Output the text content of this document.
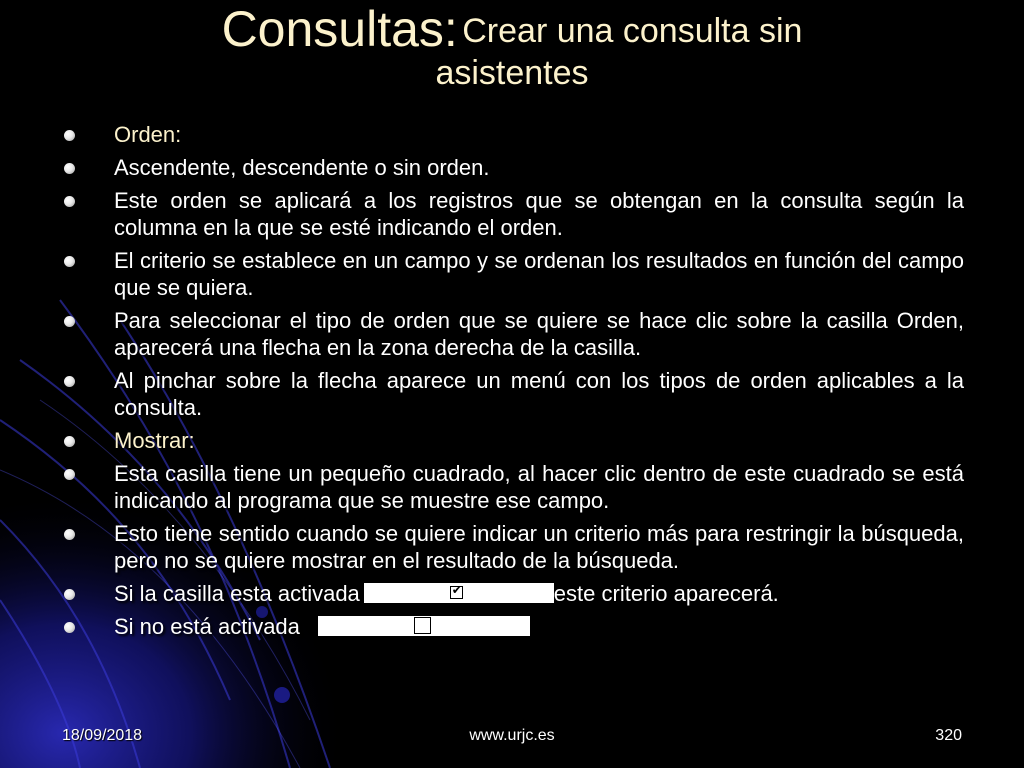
Consultas: Crear una consulta sin
asistentes
Orden:
Ascendente, descendente o sin orden.
Este orden se aplicará a los registros que se obtengan en la consulta según la columna en la que se esté indicando el orden.
El criterio se establece en un campo y se ordenan los resultados en función del campo que se quiera.
Para seleccionar el tipo de orden que se quiere se hace clic sobre la casilla Orden, aparecerá una flecha en la zona derecha de la casilla.
Al pinchar sobre la flecha aparece un menú con los tipos de orden aplicables a la consulta.
Mostrar:
Esta casilla tiene un pequeño cuadrado, al hacer clic dentro de este cuadrado se está indicando al programa que se muestre ese campo.
Esto tiene sentido cuando se quiere indicar un criterio más para restringir la búsqueda, pero no se quiere mostrar en el resultado de la búsqueda.
Si la casilla esta activada	✔	este criterio aparecerá.
Si no está activada
18/09/2018	www.urjc.es	320
